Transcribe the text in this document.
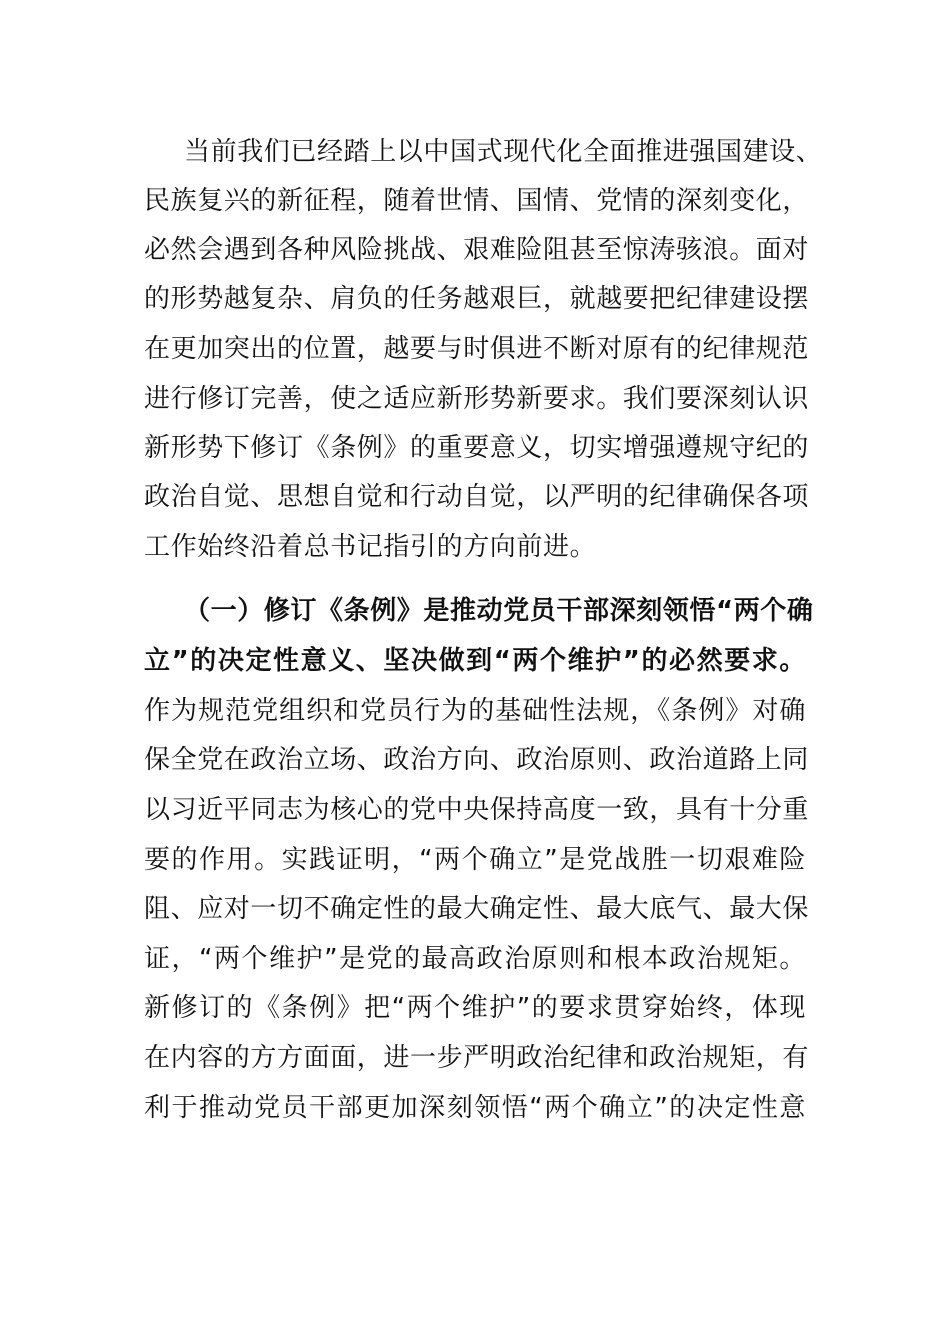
当前我们已经踏上以中国式现代化全面推进强国建设、
民族复兴的新征程，随着世情、国情、党情的深刻变化，
必然会遇到各种风险挑战、艰难险阻甚至惊涛骇浪。面对
的形势越复杂、肩负的任务越艰巨，就越要把纪律建设摆
在更加突出的位置，越要与时俱进不断对原有的纪律规范
进行修订完善，使之适应新形势新要求。我们要深刻认识
新形势下修订《条例》的重要意义，切实增强遵规守纪的
政治自觉、思想自觉和行动自觉，以严明的纪律确保各项
工作始终沿着总书记指引的方向前进。
（一）修订《条例》是推动党员干部深刻领悟“两个确
立”的决定性意义、坚决做到“两个维护”的必然要求。
作为规范党组织和党员行为的基础性法规，《条例》对确
保全党在政治立场、政治方向、政治原则、政治道路上同
以习近平同志为核心的党中央保持高度一致，具有十分重
要的作用。实践证明，“两个确立”是党战胜一切艰难险
阻、应对一切不确定性的最大确定性、最大底气、最大保
证，“两个维护”是党的最高政治原则和根本政治规矩。
新修订的《条例》把“两个维护”的要求贯穿始终，体现
在内容的方方面面，进一步严明政治纪律和政治规矩，有
利于推动党员干部更加深刻领悟“两个确立”的决定性意
